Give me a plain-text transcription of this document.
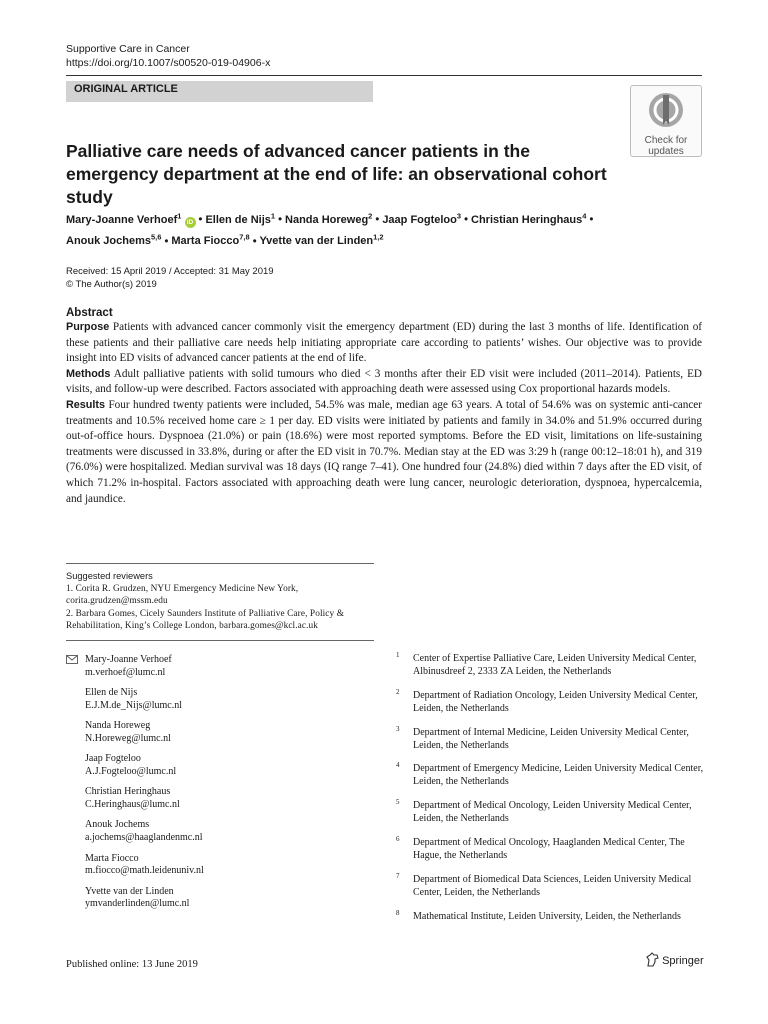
Supportive Care in Cancer
https://doi.org/10.1007/s00520-019-04906-x
ORIGINAL ARTICLE
Check for updates
Palliative care needs of advanced cancer patients in the emergency department at the end of life: an observational cohort study
Mary-Joanne Verhoef$^1$ iD • Ellen de Nijs$^1$ • Nanda Horeweg$^2$ • Jaap Fogteloo$^3$ • Christian Heringhaus$^4$ •
Anouk Jochems$^{5,6}$ • Marta Fiocco$^{7,8}$ • Yvette van der Linden$^{1,2}$
Received: 15 April 2019 / Accepted: 31 May 2019
© The Author(s) 2019
Abstract

Purpose Patients with advanced cancer commonly visit the emergency department (ED) during the last 3 months of life. Identification of these patients and their palliative care needs help initiating appropriate care according to patients’ wishes. Our objective was to provide insight into ED visits of advanced cancer patients at the end of life.

Methods Adult palliative patients with solid tumours who died < 3 months after their ED visit were included (2011–2014). Patients, ED visits, and follow-up were described. Factors associated with approaching death were assessed using Cox proportional hazards models.

Results Four hundred twenty patients were included, 54.5% was male, median age 63 years. A total of 54.6% was on systemic anti-cancer treatments and 10.5% received home care ≥ 1 per day. ED visits were initiated by patients and family in 34.0% and 51.9% occurred during out-of-office hours. Dyspnoea (21.0%) or pain (18.6%) were most reported symptoms. Before the ED visit, limitations on life-sustaining treatments were discussed in 33.8%, during or after the ED visit in 70.7%. Median stay at the ED was 3:29 h (range 00:12–18:01 h), and 319 (76.0%) were hospitalized. Median survival was 18 days (IQ range 7–41). One hundred four (24.8%) died within 7 days after the ED visit, of which 71.2% in-hospital. Factors associated with approaching death were lung cancer, neurologic deterioration, dyspnoea, hypercalcemia, and jaundice.

Suggested reviewers
1. Corita R. Grudzen, NYU Emergency Medicine New York, corita.grudzen@mssm.edu
2. Barbara Gomes, Cicely Saunders Institute of Palliative Care, Policy & Rehabilitation, King’s College London, barbara.gomes@kcl.ac.uk
Mary-Joanne Verhoef
m.verhoef@lumc.nl
Ellen de Nijs
E.J.M.de_Nijs@lumc.nl
Nanda Horeweg
N.Horeweg@lumc.nl
Jaap Fogteloo
A.J.Fogteloo@lumc.nl
Christian Heringhaus
C.Heringhaus@lumc.nl
Anouk Jochems
a.jochems@haaglandenmc.nl
Marta Fiocco
m.fiocco@math.leidenuniv.nl
Yvette van der Linden
ymvanderlinden@lumc.nl
1 Center of Expertise Palliative Care, Leiden University Medical Center, Albinusdreef 2, 2333 ZA Leiden, the Netherlands
2 Department of Radiation Oncology, Leiden University Medical Center, Leiden, the Netherlands
3 Department of Internal Medicine, Leiden University Medical Center, Leiden, the Netherlands
4 Department of Emergency Medicine, Leiden University Medical Center, Leiden, the Netherlands
5 Department of Medical Oncology, Leiden University Medical Center, Leiden, the Netherlands
6 Department of Medical Oncology, Haaglanden Medical Center, The Hague, the Netherlands
7 Department of Biomedical Data Sciences, Leiden University Medical Center, Leiden, the Netherlands
8 Mathematical Institute, Leiden University, Leiden, the Netherlands
Published online: 13 June 2019	Springer
